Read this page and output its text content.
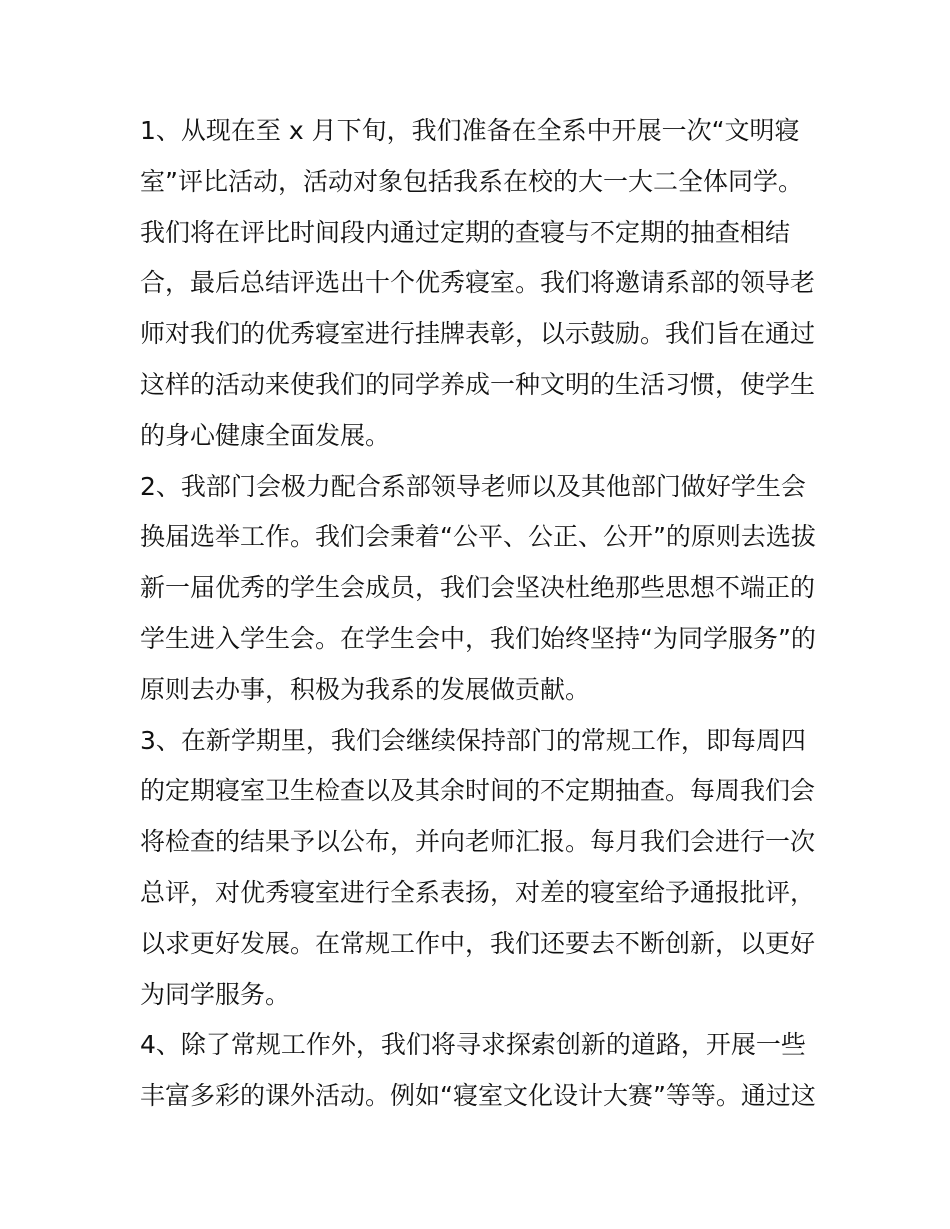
1、从现在至 x 月下旬，我们准备在全系中开展一次“文明寝
室”评比活动，活动对象包括我系在校的大一大二全体同学。
我们将在评比时间段内通过定期的查寝与不定期的抽查相结
合，最后总结评选出十个优秀寝室。我们将邀请系部的领导老
师对我们的优秀寝室进行挂牌表彰，以示鼓励。我们旨在通过
这样的活动来使我们的同学养成一种文明的生活习惯，使学生
的身心健康全面发展。
2、我部门会极力配合系部领导老师以及其他部门做好学生会
换届选举工作。我们会秉着“公平、公正、公开”的原则去选拔
新一届优秀的学生会成员，我们会坚决杜绝那些思想不端正的
学生进入学生会。在学生会中，我们始终坚持“为同学服务”的
原则去办事，积极为我系的发展做贡献。
3、在新学期里，我们会继续保持部门的常规工作，即每周四
的定期寝室卫生检查以及其余时间的不定期抽查。每周我们会
将检查的结果予以公布，并向老师汇报。每月我们会进行一次
总评，对优秀寝室进行全系表扬，对差的寝室给予通报批评，
以求更好发展。在常规工作中，我们还要去不断创新，以更好
为同学服务。
4、除了常规工作外，我们将寻求探索创新的道路，开展一些
丰富多彩的课外活动。例如“寝室文化设计大赛”等等。通过这
